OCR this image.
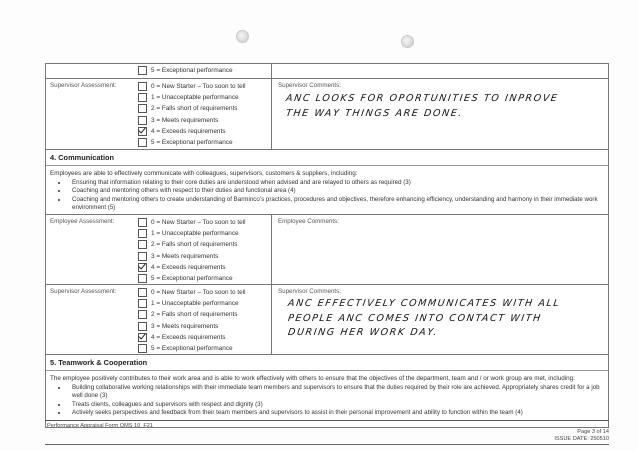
5 = Exceptional performance
Supervisor Assessment:	0 = New Starter – Too soon to tell
1 = Unacceptable performance
2 = Falls short of requirements
3 = Meets requirements
4 = Exceeds requirements
5 = Exceptional performance
Supervisor Comments:
ANC LOOKS FOR OPORTUNITIES TO INPROVE
THE WAY THINGS ARE DONE.
4. Communication
Employees are able to effectively communicate with colleagues, supervisors, customers & suppliers, including:
• Ensuring that information relating to their core duties are understood when advised and are relayed to others as required (3)
• Coaching and mentoring others with respect to their duties and functional area (4)
• Coaching and mentoring others to create understanding of Barminco’s practices, procedures and objectives, therefore enhancing efficiency, understanding and harmony in their immediate work environment (5)
Employee Assessment:	0 = New Starter – Too soon to tell
1 = Unacceptable performance
2 = Falls short of requirements
3 = Meets requirements
4 = Exceeds requirements
5 = Exceptional performance
Employee Comments:
Supervisor Assessment:	0 = New Starter – Too soon to tell
1 = Unacceptable performance
2 = Falls short of requirements
3 = Meets requirements
4 = Exceeds requirements
5 = Exceptional performance
Supervisor Comments:
ANC EFFECTIVELY COMMUNICATES WITH ALL
PEOPLE ANC COMES INTO CONTACT WITH
DURING HER WORK DAY.
5. Teamwork & Cooperation
The employee positively contributes to their work area and is able to work effectively with others to ensure that the objectives of the department, team and / or work group are met, including:
• Building collaborative working relationships with their immediate team members and supervisors to ensure that the duties required by their role are achieved. Appropriately shares credit for a job well done (3)
• Treats clients, colleagues and supervisors with respect and dignity (3)
• Actively seeks perspectives and feedback from their team members and supervisors to assist in their personal improvement and ability to function within the team (4)
Performance Appraisal Form QMS 10_F21
Page 3 of 14
ISSUE DATE: 250510
